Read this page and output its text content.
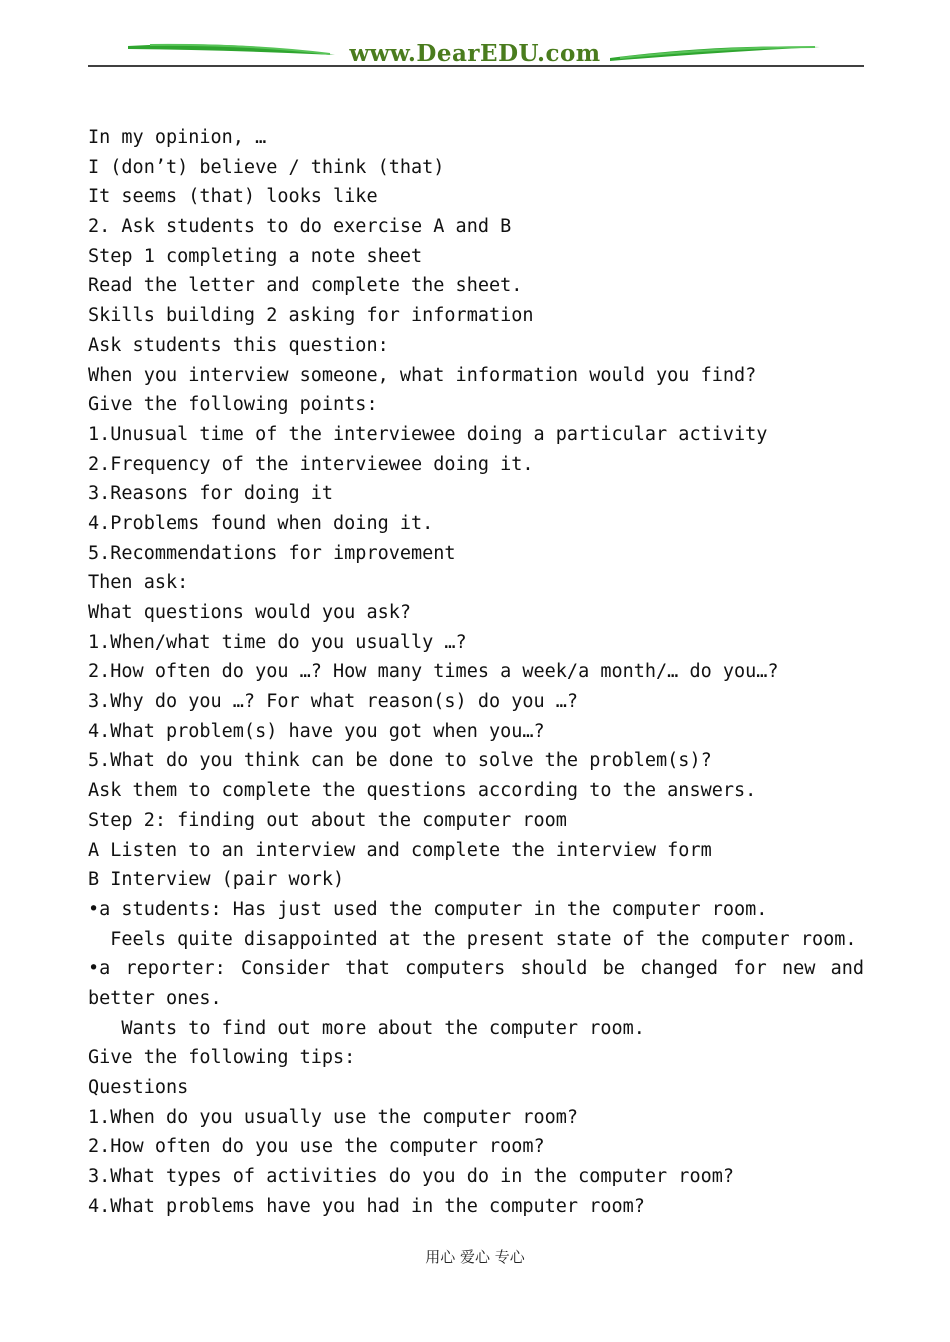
www.DearEDU.com
In my opinion, …
I (don’t) believe / think (that)
It seems (that) looks like
2. Ask students to do exercise A and B
Step 1 completing a note sheet
Read the letter and complete the sheet.
Skills building 2 asking for information
Ask students this question:
When you interview someone, what information would you find?
Give the following points:
1.Unusual time of the interviewee doing a particular activity
2.Frequency of the interviewee doing it.
3.Reasons for doing it
4.Problems found when doing it.
5.Recommendations for improvement
Then ask:
What questions would you ask?
1.When/what time do you usually …?
2.How often do you …? How many times a week/a month/… do you…?
3.Why do you …? For what reason(s) do you …?
4.What problem(s) have you got when you…?
5.What do you think can be done to solve the problem(s)?
Ask them to complete the questions according to the answers.
Step 2: finding out about the computer room
A Listen to an interview and complete the interview form
B Interview (pair work)
•a students: Has just used the computer in the computer room.
Feels quite disappointed at the present state of the computer room.
•a reporter: Consider that computers should be changed for new and
better ones.
Wants to find out more about the computer room.
Give the following tips:
Questions
1.When do you usually use the computer room?
2.How often do you use the computer room?
3.What types of activities do you do in the computer room?
4.What problems have you had in the computer room?
用心 爱心 专心
